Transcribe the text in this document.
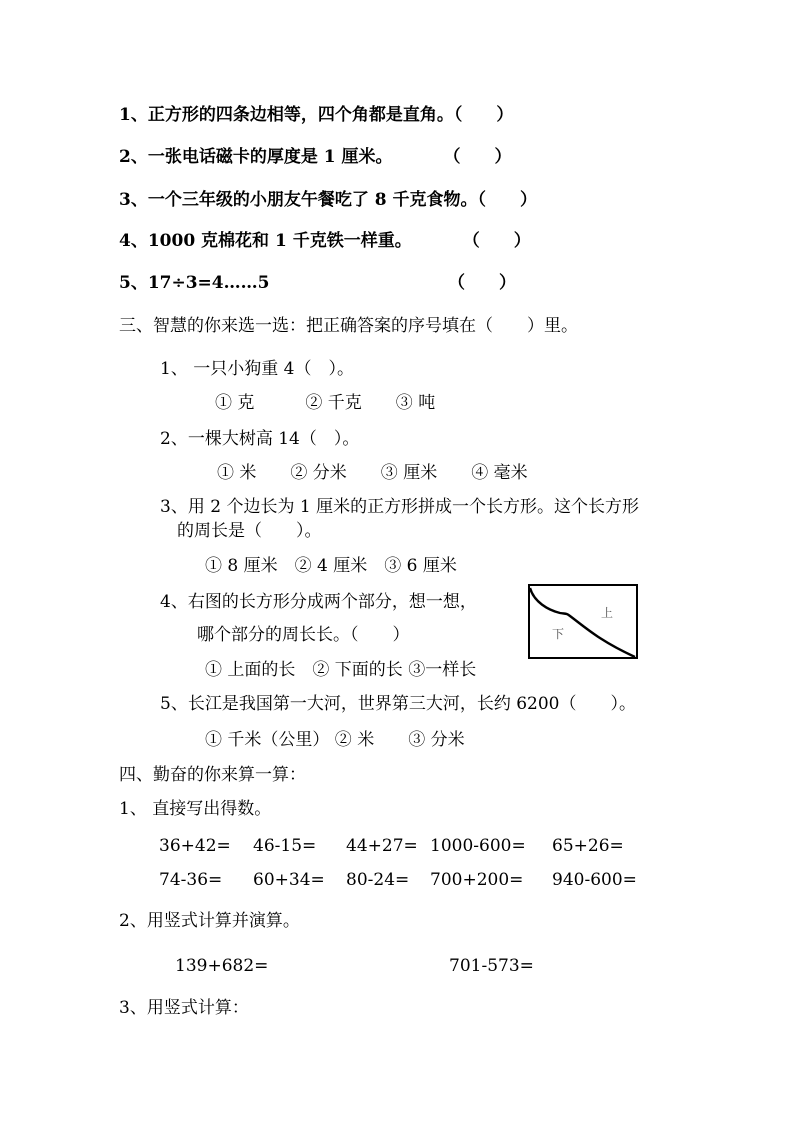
1、正方形的四条边相等，四个角都是直角。（　　）
2、一张电话磁卡的厚度是 1 厘米。　　　　（　　）
3、一个三年级的小朋友午餐吃了 8 千克食物。（　　）
4、1000 克棉花和 1 千克铁一样重。　　　　（　　）
5、17÷3=4……5　　　　　　　　　　　（　　）
三、智慧的你来选一选：把正确答案的序号填在（　　）里。
1、 一只小狗重 4（　）。
① 克　　　② 千克　　③ 吨
2、一棵大树高 14（　）。
① 米　　② 分米　　③ 厘米　　④ 毫米
3、用 2 个边长为 1 厘米的正方形拼成一个长方形。这个长方形
的周长是（　　）。
① 8 厘米　② 4 厘米　③ 6 厘米
4、右图的长方形分成两个部分，想一想，
哪个部分的周长长。（　　）
上
下
① 上面的长　② 下面的长 ③一样长
5、长江是我国第一大河，世界第三大河，长约 6200（　　）。
① 千米（公里） ② 米　　③ 分米
四、勤奋的你来算一算：
1、 直接写出得数。
36+42= 46-15= 44+27= 1000-600= 65+26=
74-36= 60+34= 80-24= 700+200= 940-600=
2、用竖式计算并演算。
139+682=	701-573=
3、用竖式计算：
